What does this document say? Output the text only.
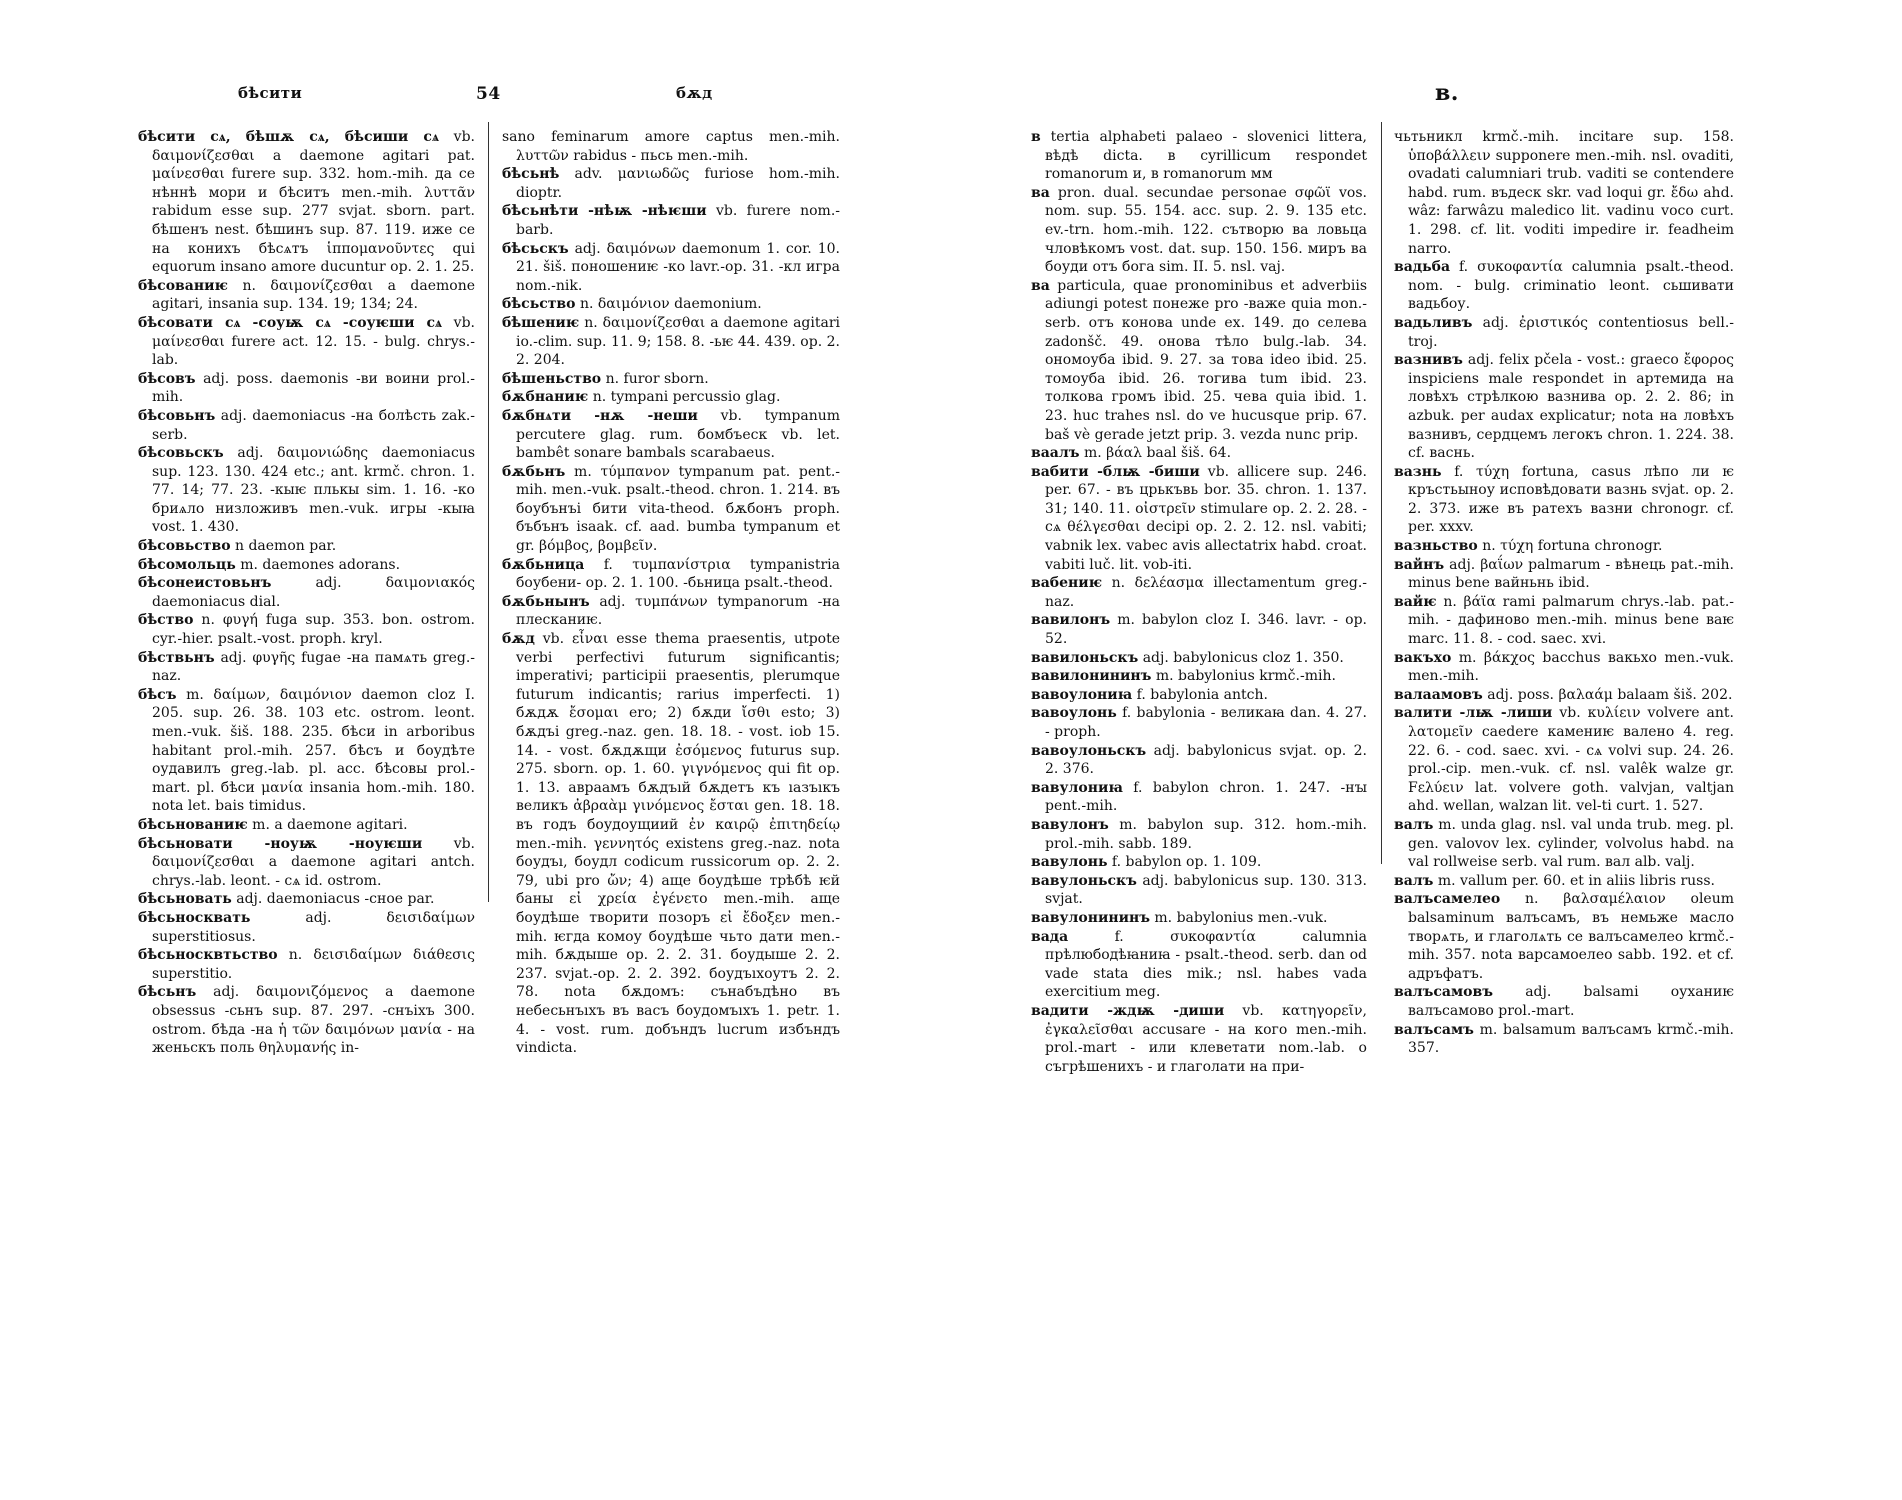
бѣсити	54	бѫд

бѣсити сѧ, бѣшѫ сѧ, бѣсиши сѧ vb. δαιμονίζεσθαι a daemone agitari pat. μαίνεσθαι furere sup. 332. hom.-mih. да се нѣннѣ мори и бѣситъ men.-mih. λυττᾶν rabidum esse sup. 277 svjat. sborn. part. бѣшенъ nest. бѣшинъ sup. 87. 119. иже се на конихъ бѣсѧтъ ἱππομανοῦντες qui equorum insano amore ducuntur op. 2. 1. 25.

бѣсованиѥ n. δαιμονίζεσθαι a daemone agitari, insania sup. 134. 19; 134; 24.

бѣсовати сѧ -соуѭ сѧ -соуѥши сѧ vb. μαίνεσθαι furere act. 12. 15. - bulg. chrys.-lab.

бѣсовъ adj. poss. daemonis -ви воини prol.-mih.

бѣсовьнъ adj. daemoniacus -на болѣсть zak.-serb.

бѣсовьскъ adj. δαιμονιώδης daemoniacus sup. 123. 130. 424 etc.; ant. krmč. chron. 1. 77. 14; 77. 23. -кыѥ плькы sim. 1. 16. -ко бриѧло низложивъ men.-vuk. игры -кыꙗ vost. 1. 430.

бѣсовьство n daemon par.

бѣсомольць m. daemones adorans.

бѣсонеистовьнъ	adj. δαιμονιακός daemoniacus dial.

бѣство n. φυγή fuga sup. 353. bon. ostrom. cyr.-hier. psalt.-vost. proph. kryl.

бѣствьнъ adj. φυγῆς fugae -на памѧть greg.-naz.

бѣсъ m. δαίμων, δαιμόνιον daemon cloz I. 205. sup. 26. 38. 103 etc. ostrom. leont. men.-vuk. šiš. 188. 235. бѣси in arboribus habitant prol.-mih. 257. бѣсъ и боудѣте оудавилъ greg.-lab. pl. acc. бѣсовы prol.-mart. pl. бѣси μανία insania hom.-mih. 180. nota let. bais timidus.

бѣсьнованиѥ m. a daemone agitari.

бѣсьновати -ноуѭ -ноуѥши vb. δαιμονίζεσθαι a daemone agitari antch. chrys.-lab. leont. - сѧ id. ostrom.

бѣсьновать adj. daemoniacus -сное par.

бѣсьносквать	adj. δεισιδαίμων superstitiosus.

бѣсьносквтьство n. δεισιδαίμων διάθεσις superstitio.

бѣсьнъ adj. δαιμονιζόμενος a daemone obsessus -сьнъ sup. 87. 297. -снъіхъ 300. ostrom. бѣда -на ἡ τῶν δαιμόνων μανία - на женьскъ поль θηλυμανής in-

sano feminarum amore captus men.-mih. λυττῶν rabidus - пьсь men.-mih.

бѣсьнѣ adv. μανιωδῶς furiose hom.-mih. dioptr.

бѣсьнѣти -нѣѭ -нѣѥши vb. furere nom.-barb.

бѣсьскъ adj. δαιμόνων daemonum 1. cor. 10. 21. šiš. поношениѥ -ко lavr.-op. 31. -кл игра nom.-nik.

бѣсьство n. δαιμόνιον daemonium.

бѣшениѥ n. δαιμονίζεσθαι a daemone agitari io.-clim. sup. 11. 9; 158. 8. -ьѥ 44. 439. op. 2. 2. 204.

бѣшеньство n. furor sborn.

бѫбнаниѥ n. tympani percussio glag.

бѫбнѧти -нѫ -неши vb. tympanum percutere glag. rum. бомбъеск vb. let. bambêt sonare bambals scarabaeus.

бѫбьнъ m. τύμπανον tympanum pat. pent.-mih. men.-vuk. psalt.-theod. chron. 1. 214. въ боубънъі бити vita-theod. бѫбонъ proph. бъбънъ isaak. cf. aad. bumba tympanum et gr. βόμβος, βομβεῖν.

бѫбьница f. τυμπανίστρια tympanistria боубени- op. 2. 1. 100. -бьница psalt.-theod.

бѫбьнынъ adj. τυμπάνων tympanorum -на плесканиѥ.

бѫд vb. εἶναι esse thema praesentis, utpote verbi perfectivi futurum significantis; imperativi; participii praesentis, plerumque futurum indicantis; rarius imperfecti. 1) бѫдѫ ἔσομαι ero; 2) бѫди ἴσθι esto; 3) бѫдъі greg.-naz. gen. 18. 18. - vost. iob 15. 14. - vost. бѫдѫщи ἐσόμενος futurus sup. 275. sborn. op. 1. 60. γιγνόμενος qui fit op. 1. 13. авраамъ бѫдъıй бѫдетъ къ ıазъıкъ великъ ἀβραὰμ γινόμενος ἔσται gen. 18. 18. въ годъ боудоущиий ἐν καιρῷ ἐπιτηδείῳ men.-mih. γεννητός existens greg.-naz. nota боудъı, боудл codicum russicorum op. 2. 2. 79, ubi pro ὤν; 4) аще боудѣше трѣбѣ ѥй баны εἰ χρεία ἐγένετο men.-mih. аще боудѣше творити позоръ εἰ ἔδοξεν men.-mih. ѥгда комоу боудѣше чьто дати men.-mih. бѫдыше op. 2. 2. 31. боудыше 2. 2. 237. svjat.-op. 2. 2. 392. боудъıхоутъ 2. 2. 78. nota бѫдомъ: сънабъдѣно въ небесьнъıхъ въ васъ боудомъıхъ 1. petr. 1. 4. - vost. rum. добъндъ lucrum избъндъ vindicta.

в.

в tertia alphabeti palaeo - slovenici littera, вѣдѣ dicta. в cyrillicum respondet romanorum и, в romanorum мм

ва pron. dual. secundae personae σφῶϊ vos. nom. sup. 55. 154. acc. sup. 2. 9. 135 etc. ev.-trn. hom.-mih. 122. сътворю ва ловьца чловѣкомъ vost. dat. sup. 150. 156. миръ ва боуди отъ бога sim. II. 5. nsl. vaj.

ва particula, quae pronominibus et adverbiis adiungi potest понеже pro -важе quia mon.-serb. отъ конова unde ex. 149. до селева zadonšč. 49. онова тѣло bulg.-lab. 34. ономоуба ibid. 9. 27. за това ideo ibid. 25. томоуба ibid. 26. тогива tum ibid. 23. толкова громъ ibid. 25. чева quia ibid. 1. 23. huc trahes nsl. do ve huсusque prip. 67. baš vè gerade jetzt prip. 3. vezda nunc prip.

ваалъ m. βάαλ baal šiš. 64.

вабити -блѭ -биши vb. allicere sup. 246. per. 67. - въ црькъвь bor. 35. chron. 1. 137. 31; 140. 11. οἰστρεῖν stimulare op. 2. 2. 28. - сѧ θέλγεσθαι decipi op. 2. 2. 12. nsl. vabiti; vabnik lex. vabec avis allectatrix habd. croat. vabiti luč. lit. vob-iti.

вабениѥ n. δελέασμα illectamentum greg.-naz.

вавилонъ m. babylon cloz I. 346. lavr. - op. 52.

вавилоньскъ adj. babylonicus cloz 1. 350.

вавилонининъ m. babylonius krmč.-mih.

вавоулониꙗ f. babylonia antch.

вавоулонь f. babylonia - великаꙗ dan. 4. 27. - proph.

вавоулоньскъ adj. babylonicus svjat. op. 2. 2. 376.

вавулониꙗ f. babylon chron. 1. 247. -нꙑ pent.-mih.

вавулонъ m. babylon sup. 312. hom.-mih. prol.-mih. sabb. 189.

вавулонь f. babylon op. 1. 109.

вавулоньскъ adj. babylonicus sup. 130. 313. svjat.

вавулонининъ m. babylonius men.-vuk.

вада	f. συκοφαντία calumnia прѣлюбодѣꙗниꙗ - psalt.-theod. serb. dan od vade stata dies mik.; nsl. habes vada exercitium meg.

вадити -ждѭ -диши vb. κατηγορεῖν, ἐγκαλεῖσθαι accusare - на кого men.-mih. prol.-mart - или клеветати nom.-lab. о съгрѣшенихъ - и глаголати на при-

чьтьникл krmč.-mih. incitare sup. 158. ὑποβάλλειν supponere men.-mih. nsl. ovaditi, ovadati calumniari trub. vaditi se contendere habd. rum. въдеск skr. vad loqui gr. ἔδω ahd. wâz: farwâzu maledico lit. vadinu voco curt. 1. 298. cf. lit. voditi impedire ir. feadheim narro.

вадьба f. συκοφαντία calumnia psalt.-theod. nom. - bulg. criminatio leont. сьшивати вадьбоу.

вадьливъ adj. ἐριστικός contentiosus bell.-troj.

вазнивъ adj. felix pčela - vost.: graeco ἔφορος inspiciens male respondet in артемида на ловѣхъ стрѣлкою вазнива op. 2. 2. 86; in azbuk. per audax explicatur; nota на ловѣхъ вазнивъ, сердцемъ легокъ chron. 1. 224. 38. cf. васнь.

вазнь f. τύχη fortuna, casus лѣпо ли ѥ кръстьыноу исповѣдовати вазнь svjat. op. 2. 2. 373. иже въ ратехъ вазни chronogr. cf. per. xxxv.

вазньство n. τύχη fortuna chronogr.

вайнъ adj. βαΐων palmarum - вѣнець pat.-mih. minus bene вайньнь ibid.

вайѥ n. βάϊα rami palmarum chrys.-lab. pat.-mih. - дафиново men.-mih. minus bene ваѥ marc. 11. 8. - cod. saec. xvi.

вакъхо m. βάκχος bacchus вакьхо men.-vuk. men.-mih.

валаамовъ adj. poss. βαλαάμ balaam šiš. 202.

валити -лѭ -лиши vb. κυλίειν volvere ant. λατομεῖν caedere камениѥ валено 4. reg. 22. 6. - cod. saec. xvi. - сѧ volvi sup. 24. 26. prol.-cip. men.-vuk. cf. nsl. valêk walze gr. Fελύειν lat. volvere goth. valvjan, valtjan ahd. wellan, walzan lit. vel-ti curt. 1. 527.

валъ m. unda glag. nsl. val unda trub. meg. pl. gen. valovov lex. cylinder, volvolus habd. na val rollweise serb. val rum. вал alb. valj.

валъ m. vallum per. 60. et in aliis libris russ.

валъсамелео n. βαλσαμέλαιον oleum balsaminum валъсамъ, въ немьже масло творѧть, и глаголѧть се валъсамелео krmč.-mih. 357. nota варсамоелео sabb. 192. et cf. адръфатъ.

валъсамовъ adj. balsami оуханиѥ валъсамово prol.-mart.

валъсамъ m. balsamum валъсамъ krmč.-mih. 357.
